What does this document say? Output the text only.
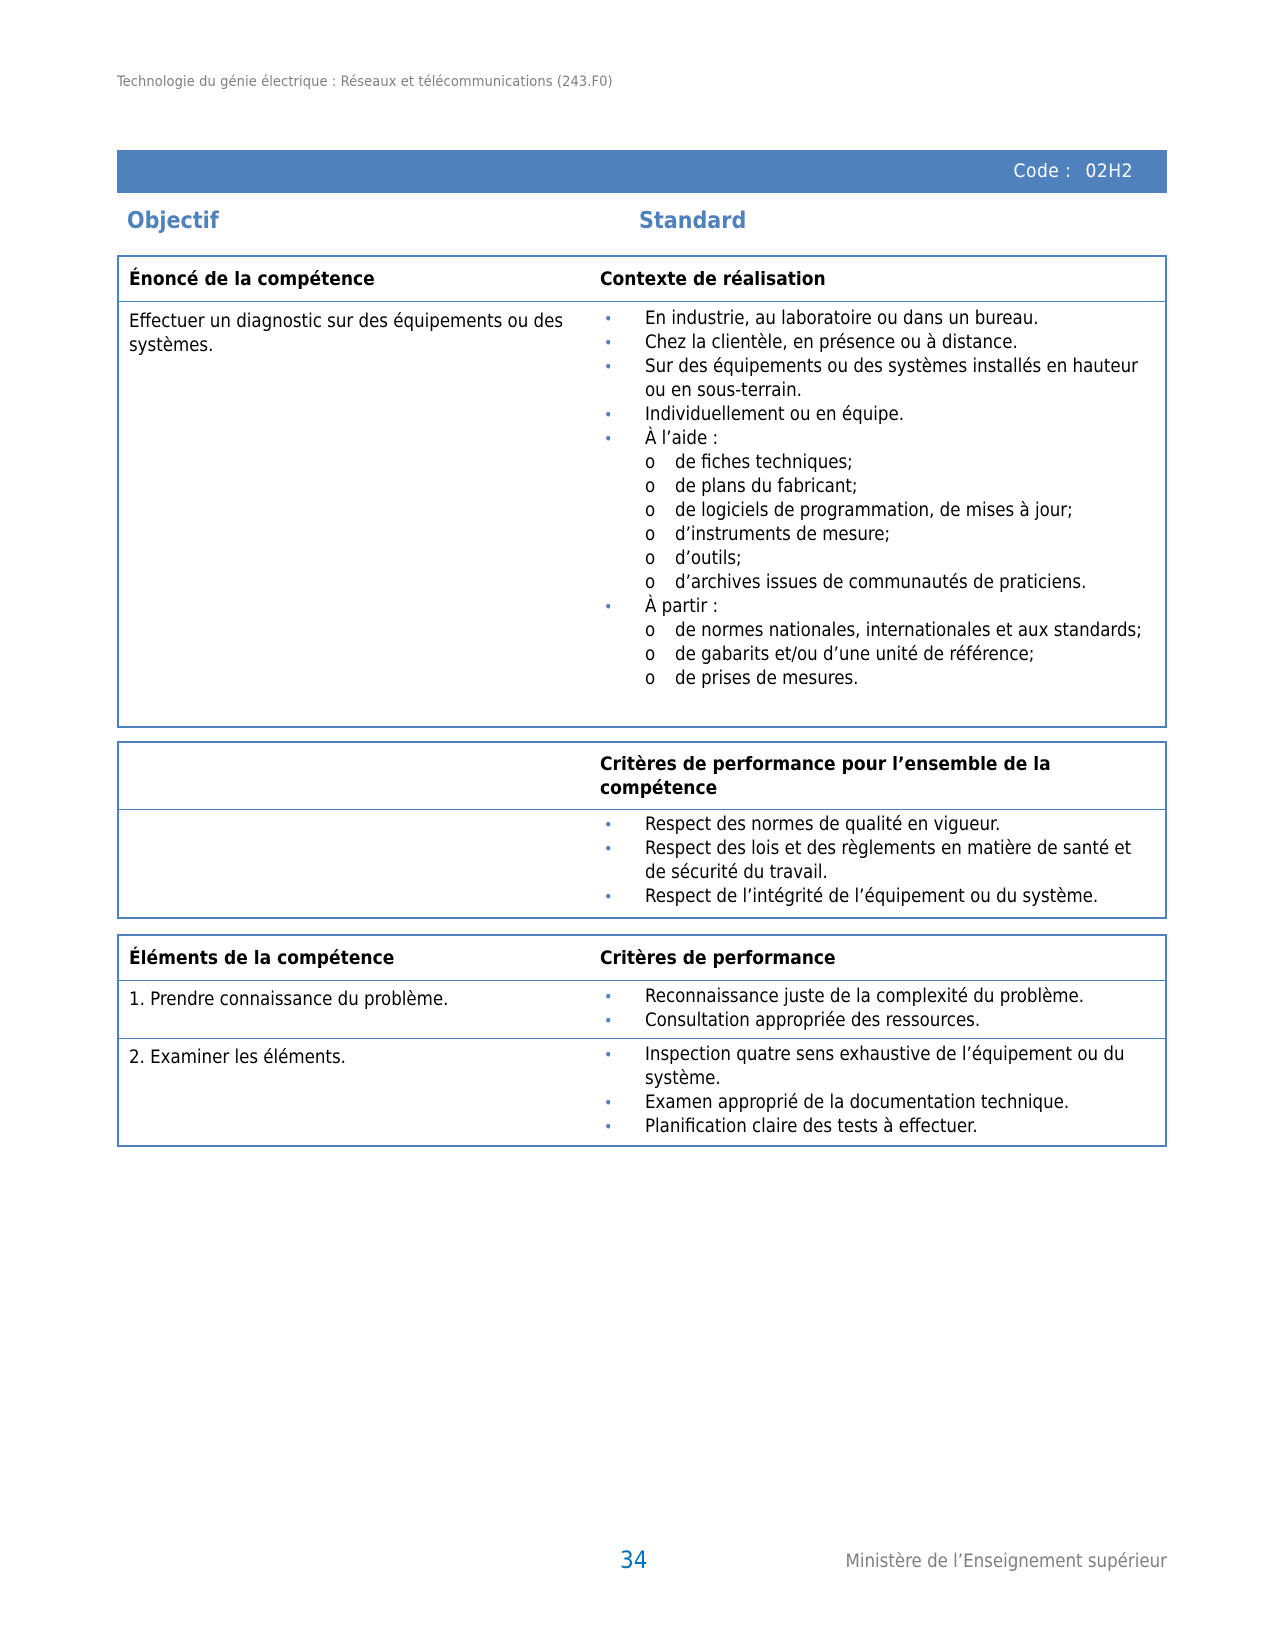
Technologie du génie électrique : Réseaux et télécommunications (243.F0)
Code : 02H2
Objectif	Standard
Énoncé de la compétence	Contexte de réalisation
Effectuer un diagnostic sur des équipements ou des systèmes.
• En industrie, au laboratoire ou dans un bureau.
• Chez la clientèle, en présence ou à distance.
• Sur des équipements ou des systèmes installés en hauteur ou en sous-terrain.
• Individuellement ou en équipe.
• À l’aide :
o de fiches techniques;
o de plans du fabricant;
o de logiciels de programmation, de mises à jour;
o d’instruments de mesure;
o d’outils;
o d’archives issues de communautés de praticiens.
• À partir :
o de normes nationales, internationales et aux standards;
o de gabarits et/ou d’une unité de référence;
o de prises de mesures.
Critères de performance pour l’ensemble de la compétence
• Respect des normes de qualité en vigueur.
• Respect des lois et des règlements en matière de santé et de sécurité du travail.
• Respect de l’intégrité de l’équipement ou du système.
Éléments de la compétence	Critères de performance
1. Prendre connaissance du problème.	• Reconnaissance juste de la complexité du problème.
• Consultation appropriée des ressources.
2. Examiner les éléments.	• Inspection quatre sens exhaustive de l’équipement ou du système.
• Examen approprié de la documentation technique.
• Planification claire des tests à effectuer.
34	Ministère de l’Enseignement supérieur
